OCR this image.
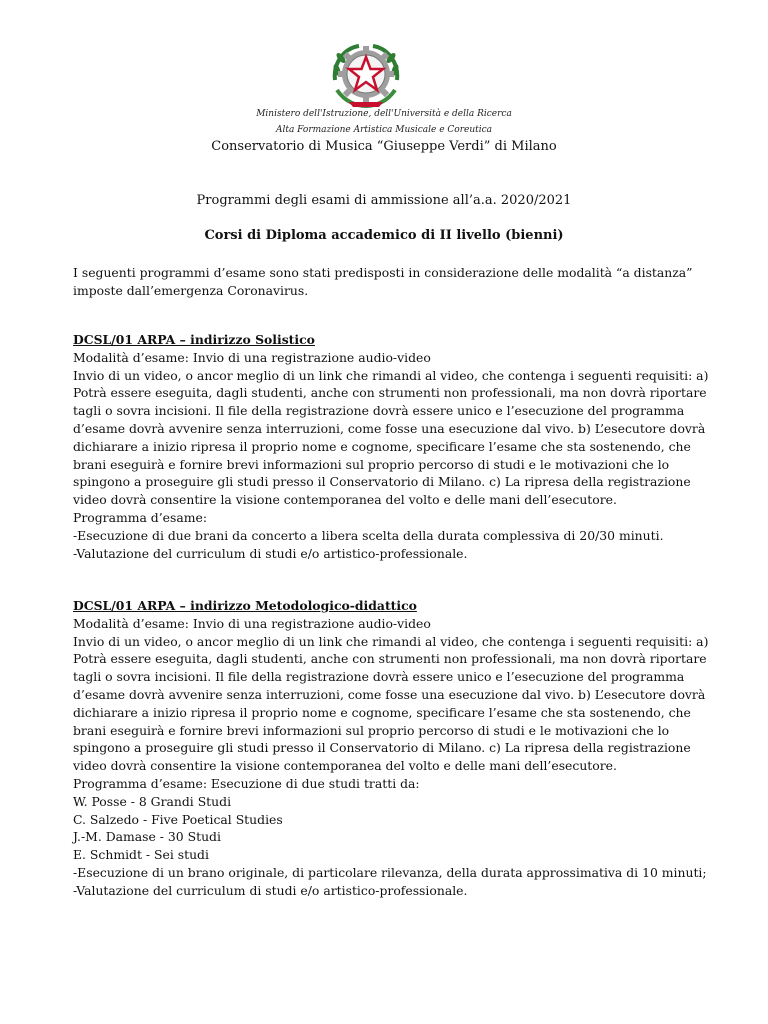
Ministero dell'Istruzione, dell'Università e della Ricerca
Alta Formazione Artistica Musicale e Coreutica
Conservatorio di Musica “Giuseppe Verdi” di Milano
Programmi degli esami di ammissione all’a.a. 2020/2021
Corsi di Diploma accademico di II livello (bienni)
I seguenti programmi d’esame sono stati predisposti in considerazione delle modalità “a distanza”
imposte dall’emergenza Coronavirus.
DCSL/01 ARPA – indirizzo Solistico
Modalità d’esame: Invio di una registrazione audio-video
Invio di un video, o ancor meglio di un link che rimandi al video, che contenga i seguenti requisiti: a)
Potrà essere eseguita, dagli studenti, anche con strumenti non professionali, ma non dovrà riportare
tagli o sovra incisioni. Il file della registrazione dovrà essere unico e l’esecuzione del programma
d’esame dovrà avvenire senza interruzioni, come fosse una esecuzione dal vivo. b) L’esecutore dovrà
dichiarare a inizio ripresa il proprio nome e cognome, specificare l’esame che sta sostenendo, che
brani eseguirà e fornire brevi informazioni sul proprio percorso di studi e le motivazioni che lo
spingono a proseguire gli studi presso il Conservatorio di Milano. c) La ripresa della registrazione
video dovrà consentire la visione contemporanea del volto e delle mani dell’esecutore.
Programma d’esame:
-Esecuzione di due brani da concerto a libera scelta della durata complessiva di 20/30 minuti.
-Valutazione del curriculum di studi e/o artistico-professionale.
DCSL/01 ARPA – indirizzo Metodologico-didattico
Modalità d’esame: Invio di una registrazione audio-video
Invio di un video, o ancor meglio di un link che rimandi al video, che contenga i seguenti requisiti: a)
Potrà essere eseguita, dagli studenti, anche con strumenti non professionali, ma non dovrà riportare
tagli o sovra incisioni. Il file della registrazione dovrà essere unico e l’esecuzione del programma
d’esame dovrà avvenire senza interruzioni, come fosse una esecuzione dal vivo. b) L’esecutore dovrà
dichiarare a inizio ripresa il proprio nome e cognome, specificare l’esame che sta sostenendo, che
brani eseguirà e fornire brevi informazioni sul proprio percorso di studi e le motivazioni che lo
spingono a proseguire gli studi presso il Conservatorio di Milano. c) La ripresa della registrazione
video dovrà consentire la visione contemporanea del volto e delle mani dell’esecutore.
Programma d’esame: Esecuzione di due studi tratti da:
W. Posse - 8 Grandi Studi
C. Salzedo - Five Poetical Studies
J.-M. Damase - 30 Studi
E. Schmidt - Sei studi
-Esecuzione di un brano originale, di particolare rilevanza, della durata approssimativa di 10 minuti;
-Valutazione del curriculum di studi e/o artistico-professionale.
